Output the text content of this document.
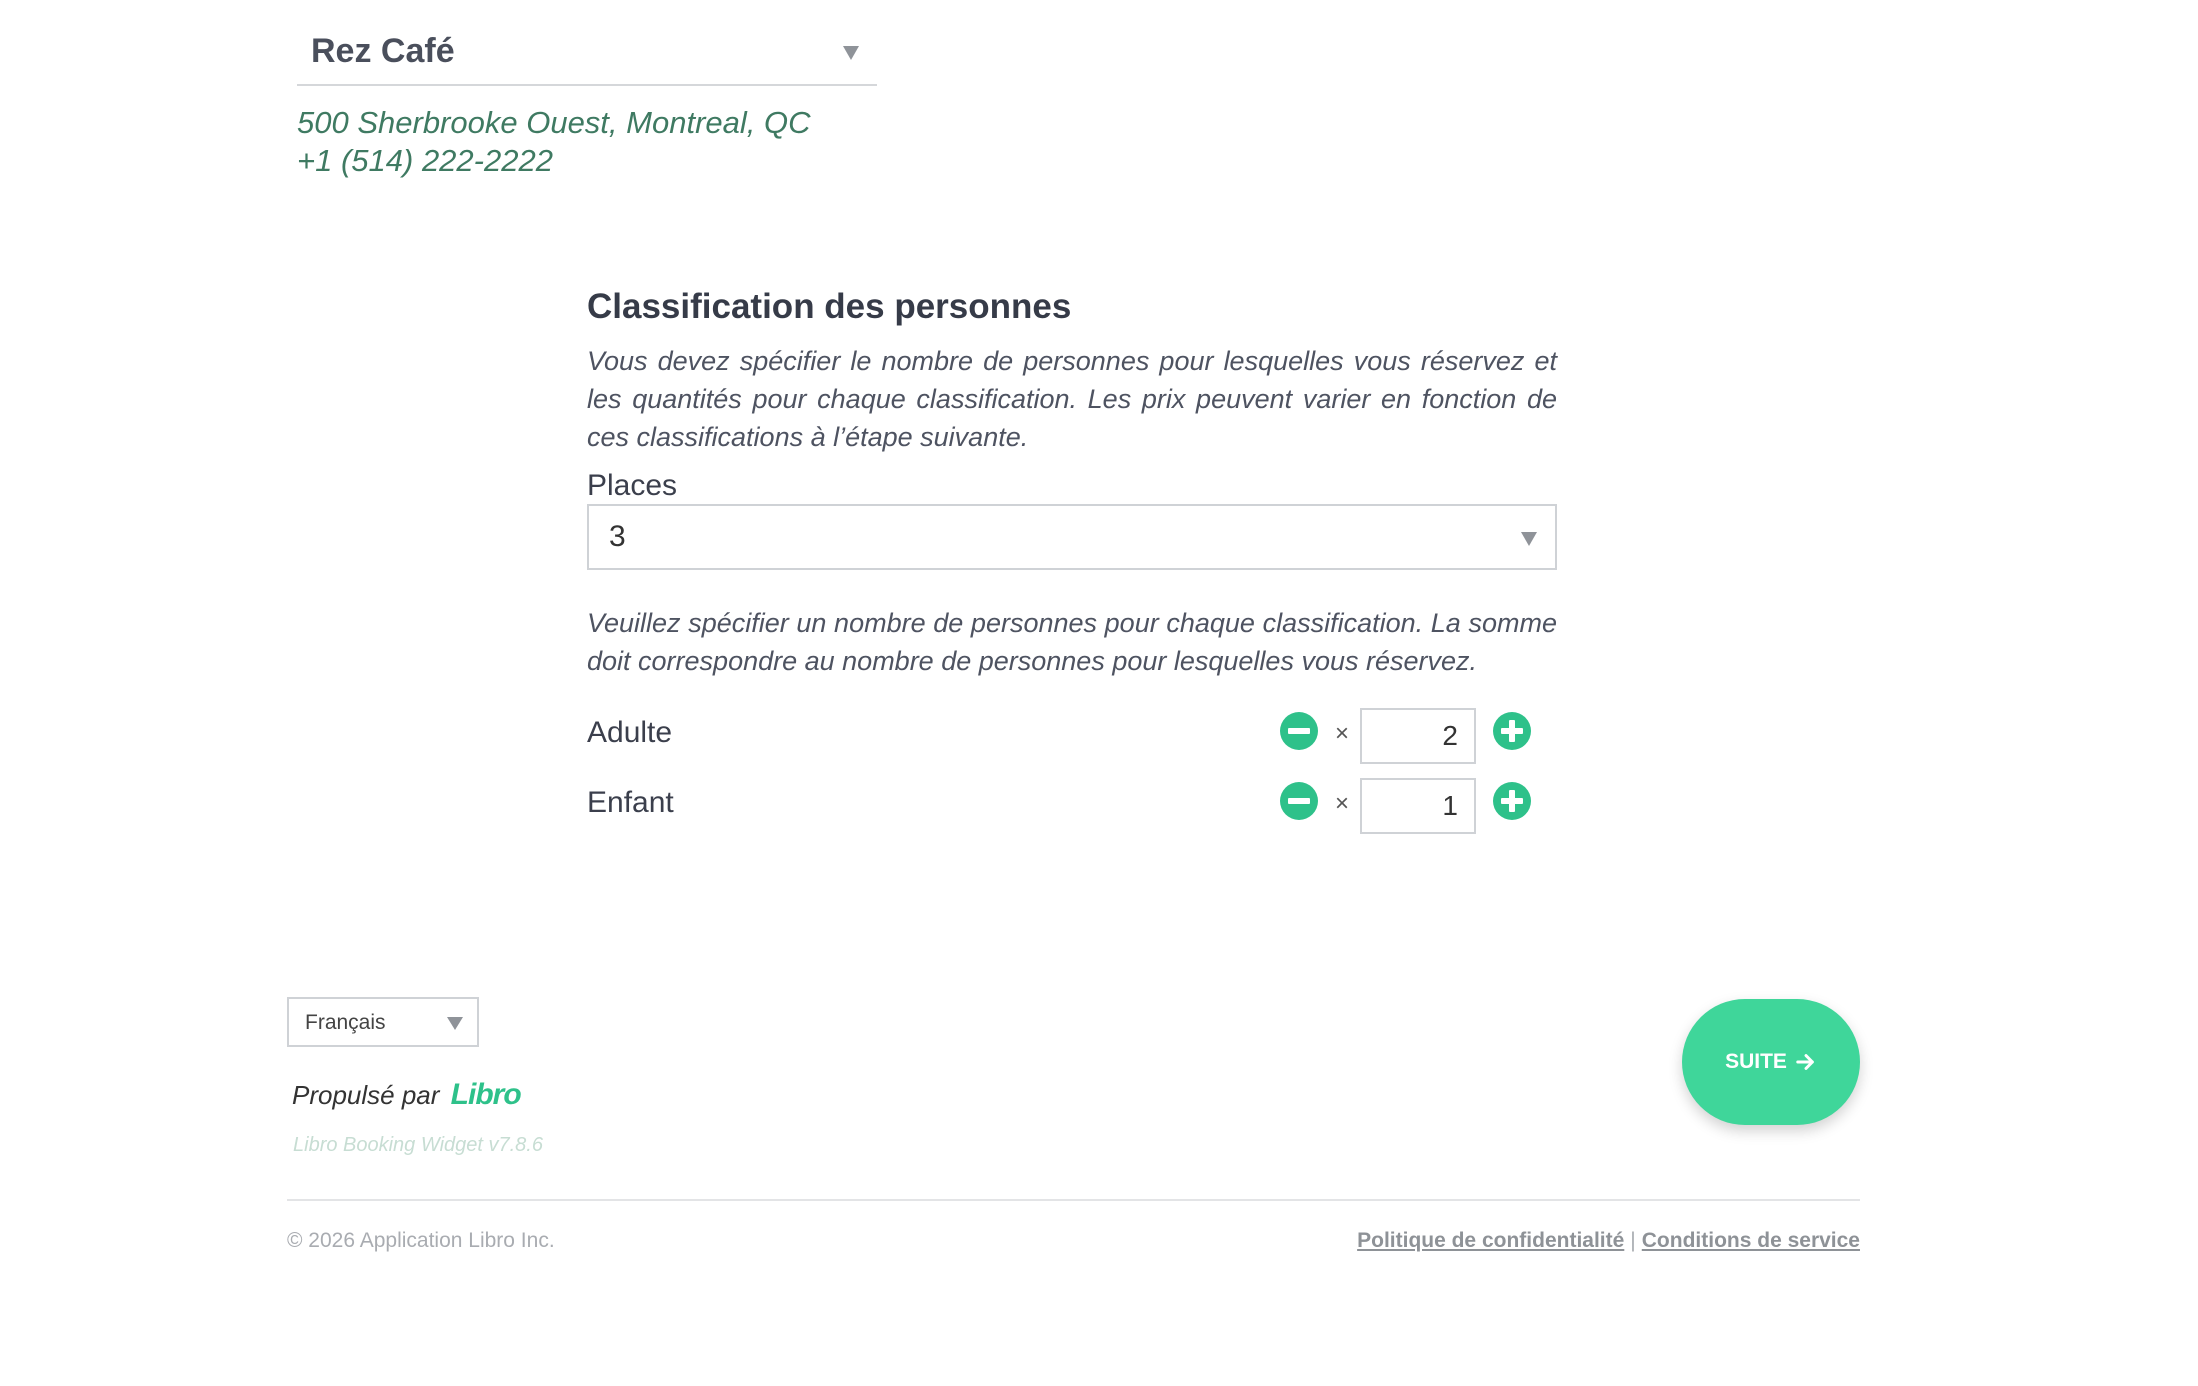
Rez Café
500 Sherbrooke Ouest, Montreal, QC
+1 (514) 222-2222
Classification des personnes
Vous devez spécifier le nombre de personnes pour lesquelles vous réservez et les quantités pour chaque classification. Les prix peuvent varier en fonction de ces classifications à l’étape suivante.
Places
3
Veuillez spécifier un nombre de personnes pour chaque classification. La somme doit correspondre au nombre de personnes pour lesquelles vous réservez.
Adulte	×	2
Enfant	×	1
Français
Propulsé par Libro
Libro Booking Widget v7.8.6
SUITE
© 2026 Application Libro Inc.	Politique de confidentialité | Conditions de service
